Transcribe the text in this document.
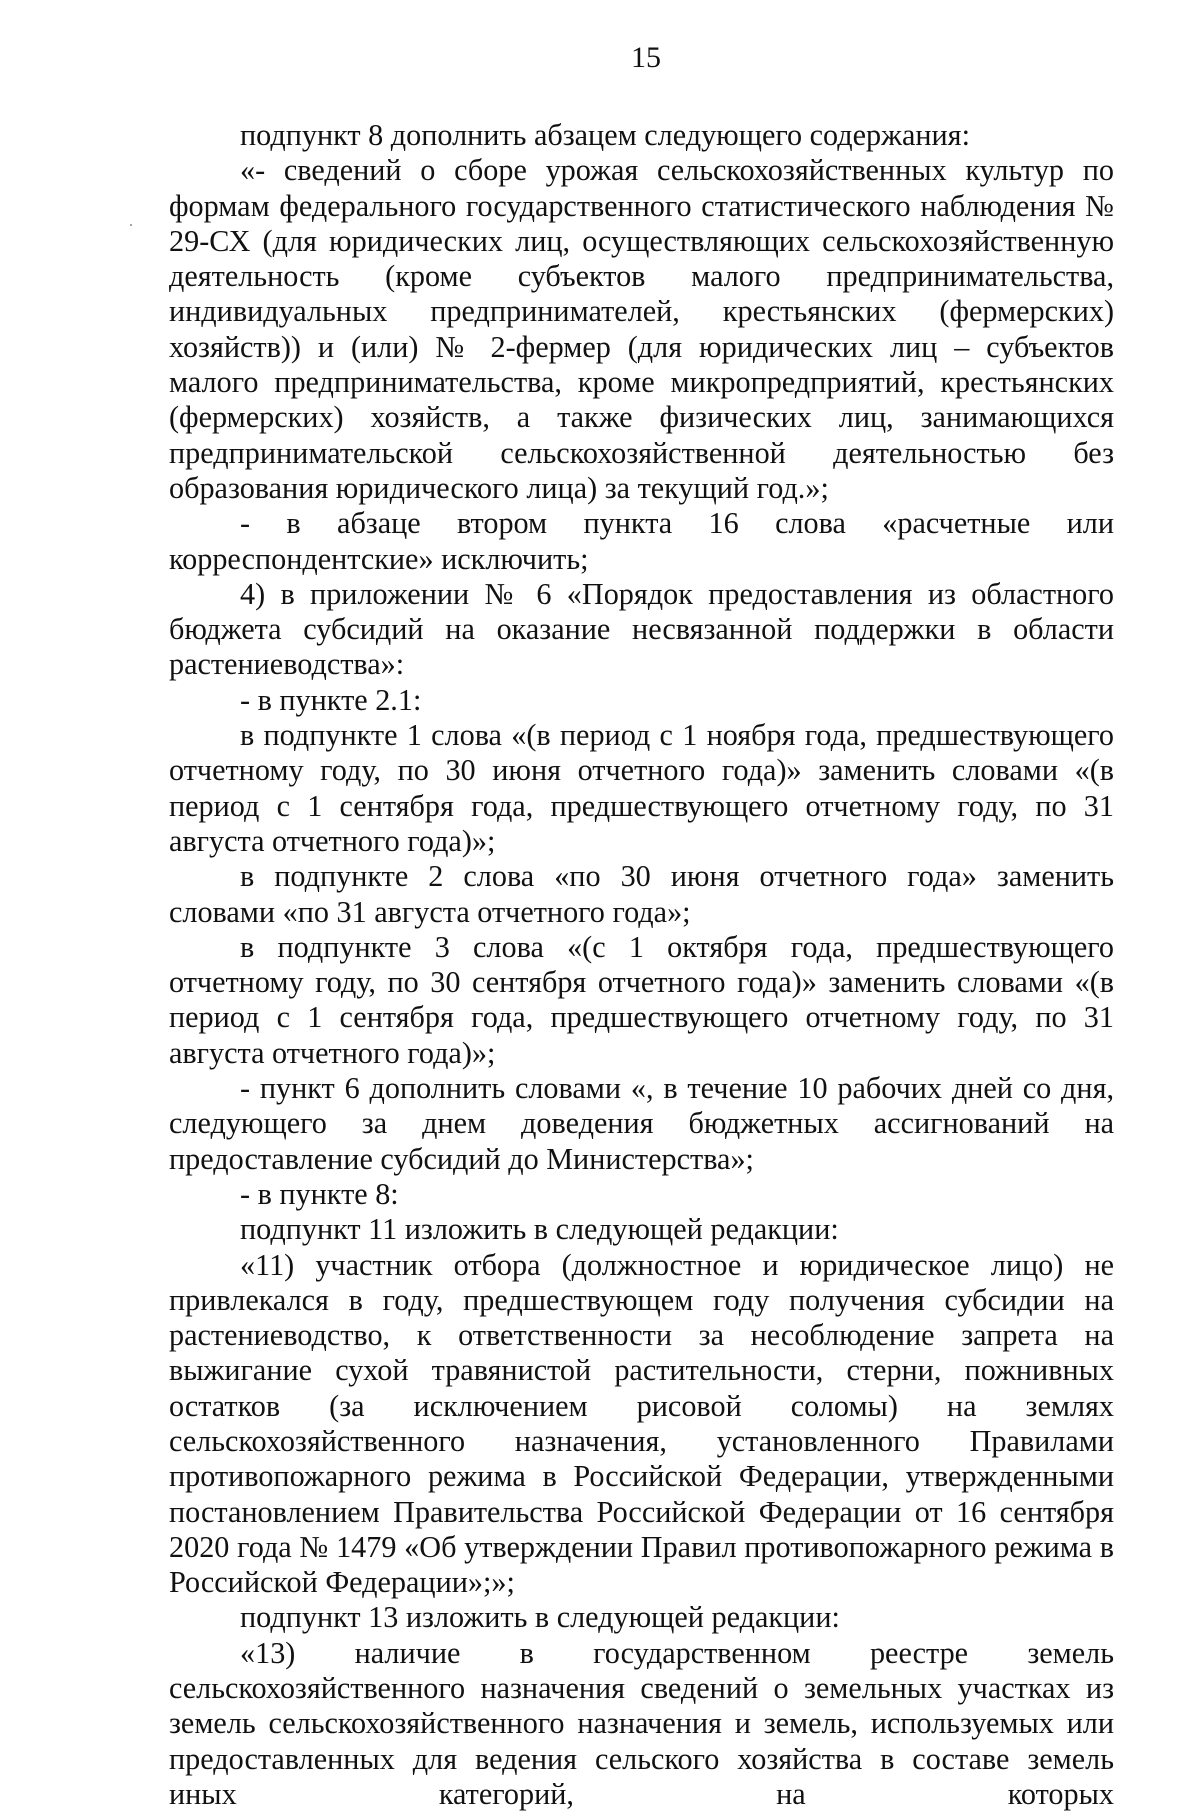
15

подпункт 8 дополнить абзацем следующего содержания:

«- сведений о сборе урожая сельскохозяйственных культур по формам федерального государственного статистического наблюдения № 29-СХ (для юридических лиц, осуществляющих сельскохозяйственную деятельность (кроме субъектов малого предпринимательства, индивидуальных предпринимателей, крестьянских (фермерских) хозяйств)) и (или) № 2-фермер (для юридических лиц – субъектов малого предпринимательства, кроме микропредприятий, крестьянских (фермерских) хозяйств, а также физических лиц, занимающихся предпринимательской сельскохозяйственной деятельностью без образования юридического лица) за текущий год.»;

- в абзаце втором пункта 16 слова «расчетные или корреспондентские» исключить;

4) в приложении № 6 «Порядок предоставления из областного бюджета субсидий на оказание несвязанной поддержки в области растениеводства»:

- в пункте 2.1:

в подпункте 1 слова «(в период с 1 ноября года, предшествующего отчетному году, по 30 июня отчетного года)» заменить словами «(в период с 1 сентября года, предшествующего отчетному году, по 31 августа отчетного года)»;

в подпункте 2 слова «по 30 июня отчетного года» заменить словами «по 31 августа отчетного года»;

в подпункте 3 слова «(с 1 октября года, предшествующего отчетному году, по 30 сентября отчетного года)» заменить словами «(в период с 1 сентября года, предшествующего отчетному году, по 31 августа отчетного года)»;

- пункт 6 дополнить словами «, в течение 10 рабочих дней со дня, следующего за днем доведения бюджетных ассигнований на предоставление субсидий до Министерства»;

- в пункте 8:

подпункт 11 изложить в следующей редакции:

«11) участник отбора (должностное и юридическое лицо) не привлекался в году, предшествующем году получения субсидии на растениеводство, к ответственности за несоблюдение запрета на выжигание сухой травянистой растительности, стерни, пожнивных остатков (за исключением рисовой соломы) на землях сельскохозяйственного назначения, установленного Правилами противопожарного режима в Российской Федерации, утвержденными постановлением Правительства Российской Федерации от 16 сентября 2020 года № 1479 «Об утверждении Правил противопожарного режима в Российской Федерации»;»;

подпункт 13 изложить в следующей редакции:

«13) наличие в государственном реестре земель сельскохозяйственного назначения сведений о земельных участках из земель сельскохозяйственного назначения и земель, используемых или предоставленных для ведения сельского хозяйства в составе земель иных категорий, на которых
